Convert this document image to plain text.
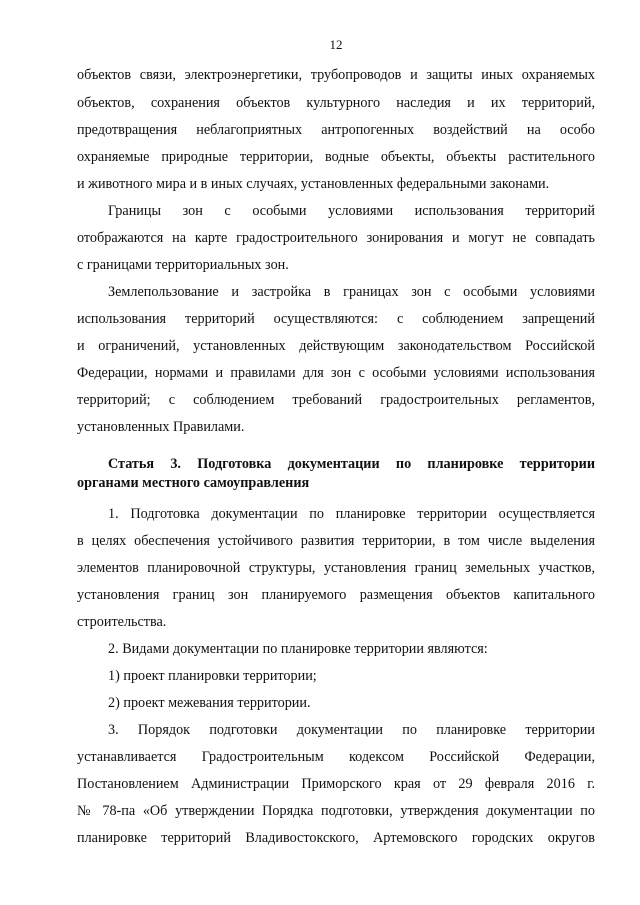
12
объектов связи, электроэнергетики, трубопроводов и защиты иных охраняемых
объектов, сохранения объектов культурного наследия и их территорий,
предотвращения неблагоприятных антропогенных воздействий на особо
охраняемые природные территории, водные объекты, объекты растительного
и животного мира и в иных случаях, установленных федеральными законами.
Границы зон с особыми условиями использования территорий
отображаются на карте градостроительного зонирования и могут не совпадать
с границами территориальных зон.
Землепользование и застройка в границах зон с особыми условиями
использования территорий осуществляются: с соблюдением запрещений
и ограничений, установленных действующим законодательством Российской
Федерации, нормами и правилами для зон с особыми условиями использования
территорий; с соблюдением требований градостроительных регламентов,
установленных Правилами.
Статья 3. Подготовка документации по планировке территории
органами местного самоуправления
1. Подготовка документации по планировке территории осуществляется
в целях обеспечения устойчивого развития территории, в том числе выделения
элементов планировочной структуры, установления границ земельных участков,
установления границ зон планируемого размещения объектов капитального
строительства.
2. Видами документации по планировке территории являются:
1) проект планировки территории;
2) проект межевания территории.
3. Порядок подготовки документации по планировке территории
устанавливается Градостроительным кодексом Российской Федерации,
Постановлением Администрации Приморского края от 29 февраля 2016 г.
№ 78-па «Об утверждении Порядка подготовки, утверждения документации по
планировке территорий Владивостокского, Артемовского городских округов
